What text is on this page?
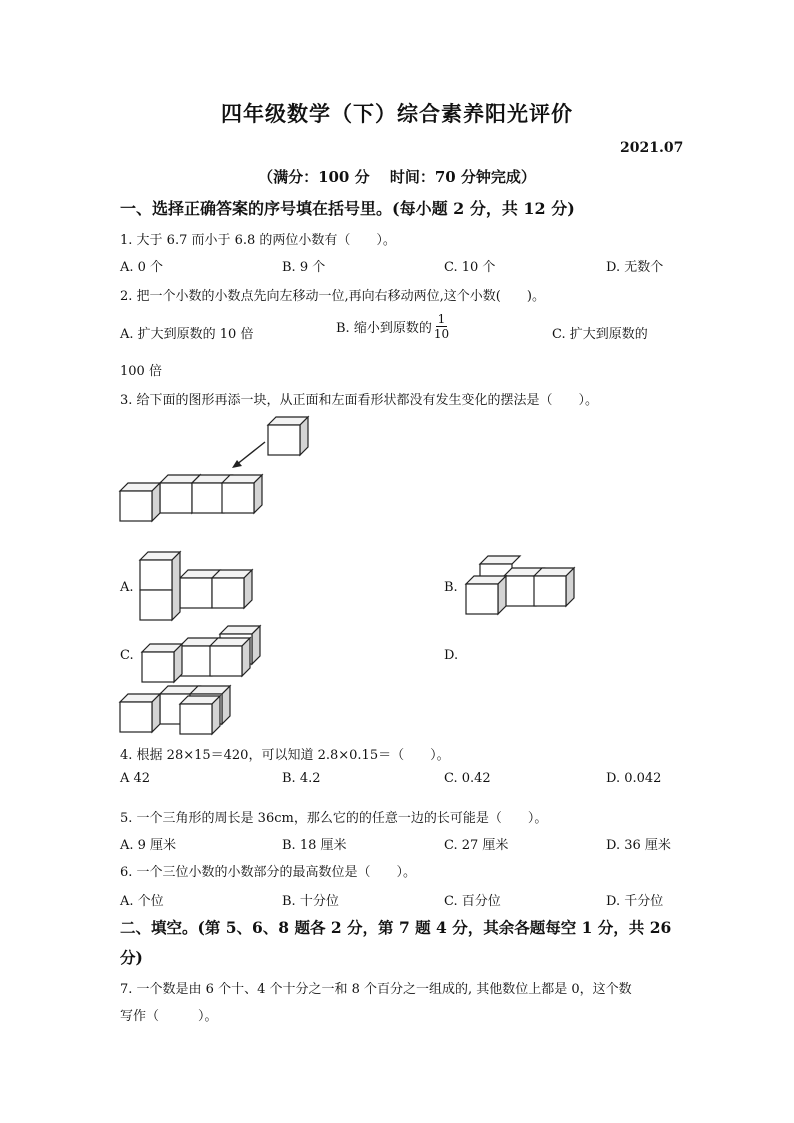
四年级数学（下）综合素养阳光评价
2021.07
（满分：100 分　 时间：70 分钟完成）
一、选择正确答案的序号填在括号里。(每小题 2 分，共 12 分)
1. 大于 6.7 而小于 6.8 的两位小数有（　　）。
A. 0 个	B. 9 个	C. 10 个	D. 无数个
2. 把一个小数的小数点先向左移动一位,再向右移动两位,这个小数(　　)。
A. 扩大到原数的 10 倍	B. 缩小到原数的 $\frac{1}{10}$	C. 扩大到原数的
100 倍
3. 给下面的图形再添一块，从正面和左面看形状都没有发生变化的摆法是（　　）。
A.	B.
C.	D.
4. 根据 28×15＝420，可以知道 2.8×0.15＝（　　）。
A 42	B. 4.2	C. 0.42	D. 0.042
5. 一个三角形的周长是 36cm，那么它的的任意一边的长可能是（　　）。
A. 9 厘米	B. 18 厘米	C. 27 厘米	D. 36 厘米
6. 一个三位小数的小数部分的最高数位是（　　）。
A. 个位	B. 十分位	C. 百分位	D. 千分位
二、填空。(第 5、6、8 题各 2 分，第 7 题 4 分，其余各题每空 1 分，共 26
分)
7. 一个数是由 6 个十、4 个十分之一和 8 个百分之一组成的, 其他数位上都是 0，这个数
写作（　　　）。
